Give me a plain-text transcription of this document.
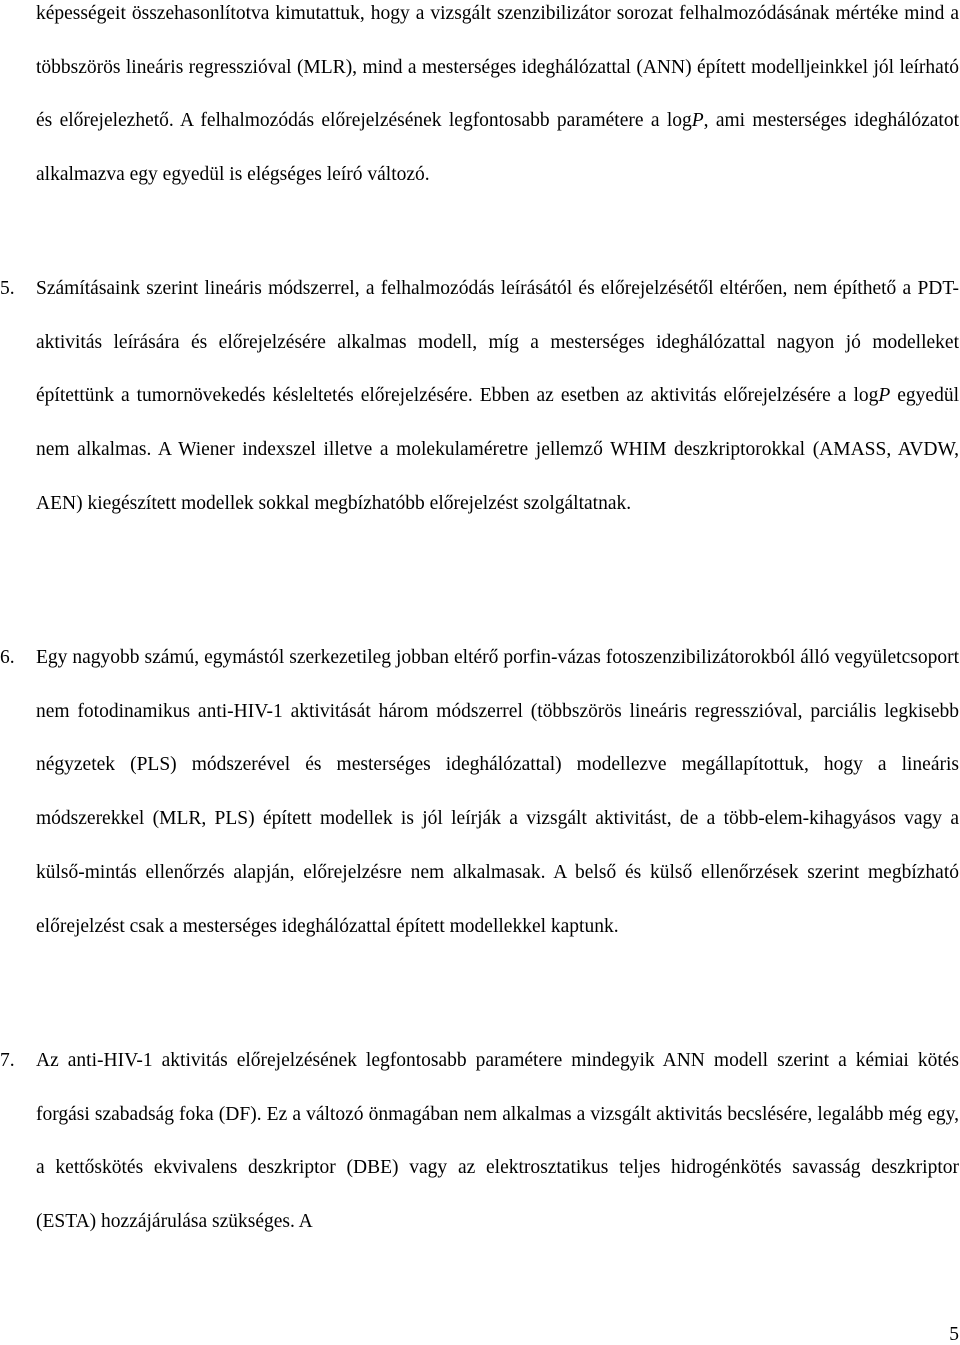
képességeit összehasonlítotva kimutattuk, hogy a vizsgált szenzibilizátor sorozat felhalmozódásának mértéke mind a többszörös lineáris regresszióval (MLR), mind a mesterséges ideghálózattal (ANN) épített modelljeinkkel jól leírható és előrejelezhető. A felhalmozódás előrejelzésének legfontosabb paramétere a logP, ami mesterséges ideghálózatot alkalmazva egy egyedül is elégséges leíró változó.

5. Számításaink szerint lineáris módszerrel, a felhalmozódás leírásától és előrejelzésétől eltérően, nem építhető a PDT-aktivitás leírására és előrejelzésére alkalmas modell, míg a mesterséges ideghálózattal nagyon jó modelleket építettünk a tumornövekedés késleltetés előrejelzésére. Ebben az esetben az aktivitás előrejelzésére a logP egyedül nem alkalmas. A Wiener indexszel illetve a molekulaméretre jellemző WHIM deszkriptorokkal (AMASS, AVDW, AEN) kiegészített modellek sokkal megbízhatóbb előrejelzést szolgáltatnak.

6. Egy nagyobb számú, egymástól szerkezetileg jobban eltérő porfin-vázas fotoszenzibilizátorokból álló vegyületcsoport nem fotodinamikus anti-HIV-1 aktivitását három módszerrel (többszörös lineáris regresszióval, parciális legkisebb négyzetek (PLS) módszerével és mesterséges ideghálózattal) modellezve megállapítottuk, hogy a lineáris módszerekkel (MLR, PLS) épített modellek is jól leírják a vizsgált aktivitást, de a több-elem-kihagyásos vagy a külső-mintás ellenőrzés alapján, előrejelzésre nem alkalmasak. A belső és külső ellenőrzések szerint megbízható előrejelzést csak a mesterséges ideghálózattal épített modellekkel kaptunk.

7. Az anti-HIV-1 aktivitás előrejelzésének legfontosabb paramétere mindegyik ANN modell szerint a kémiai kötés forgási szabadság foka (DF). Ez a változó önmagában nem alkalmas a vizsgált aktivitás becslésére, legalább még egy, a kettőskötés ekvivalens deszkriptor (DBE) vagy az elektrosztatikus teljes hidrogénkötés savasság deszkriptor (ESTA) hozzájárulása szükséges. A

5
